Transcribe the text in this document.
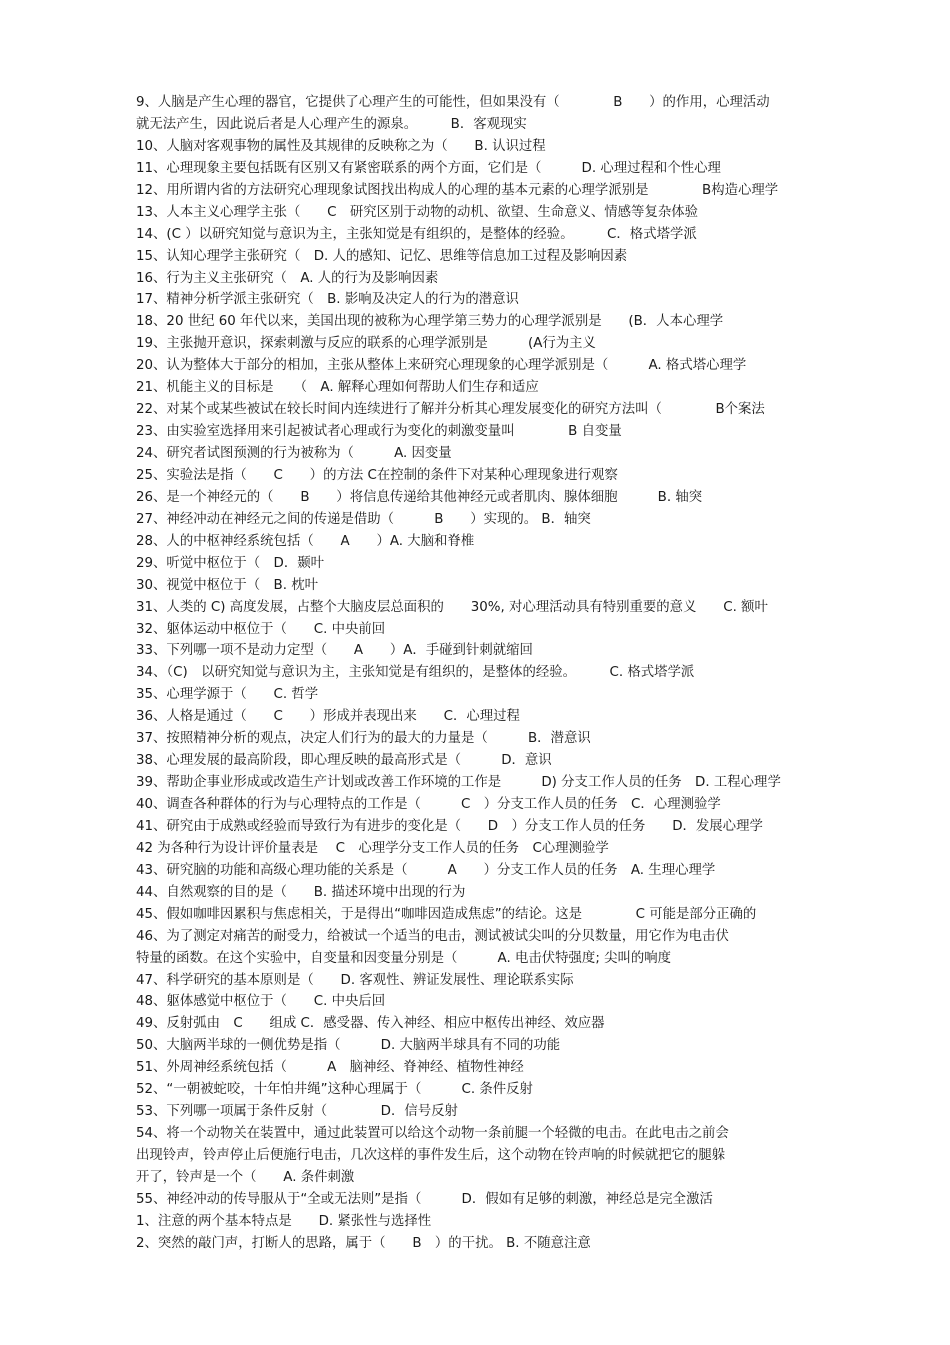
9、人脑是产生心理的器官，它提供了心理产生的可能性，但如果没有（　　　　B　　）的作用，心理活动
就无法产生，因此说后者是人心理产生的源泉。　　　B．客观现实
10、人脑对客观事物的属性及其规律的反映称之为（　　B. 认识过程
11、心理现象主要包括既有区别又有紧密联系的两个方面，它们是（　　　D. 心理过程和个性心理
12、用所谓内省的方法研究心理现象试图找出构成人的心理的基本元素的心理学派别是　　　　B构造心理学
13、人本主义心理学主张（　　C　研究区别于动物的动机、欲望、生命意义、情感等复杂体验
14、(C ）以研究知觉与意识为主，主张知觉是有组织的，是整体的经验。　　　C．格式塔学派
15、认知心理学主张研究（　D. 人的感知、记忆、思维等信息加工过程及影响因素
16、行为主义主张研究（　A. 人的行为及影响因素
17、精神分析学派主张研究（　B. 影响及决定人的行为的潜意识
18、20 世纪 60 年代以来，美国出现的被称为心理学第三势力的心理学派别是　　(B．人本心理学
19、主张抛开意识，探索刺激与反应的联系的心理学派别是　　　(A行为主义
20、认为整体大于部分的相加，主张从整体上来研究心理现象的心理学派别是（　　　A. 格式塔心理学
21、机能主义的目标是　　（　A. 解释心理如何帮助人们生存和适应
22、对某个或某些被试在较长时间内连续进行了解并分析其心理发展变化的研究方法叫（　　　　B个案法
23、由实验室选择用来引起被试者心理或行为变化的刺激变量叫　　　　B 自变量
24、研究者试图预测的行为被称为（　　　A. 因变量
25、实验法是指（　　C　　）的方法 C在控制的条件下对某种心理现象进行观察
26、是一个神经元的（　　B　　）将信息传递给其他神经元或者肌肉、腺体细胞　　　B. 轴突
27、神经冲动在神经元之间的传递是借助（　　　B　　）实现的。 B．轴突
28、人的中枢神经系统包括（　　A　　）A. 大脑和脊椎
29、听觉中枢位于（　D．颞叶
30、视觉中枢位于（　B. 枕叶
31、人类的 C) 高度发展，占整个大脑皮层总面积的　　30%, 对心理活动具有特别重要的意义　　C. 额叶
32、躯体运动中枢位于（　　C. 中央前回
33、下列哪一项不是动力定型（　　A　　）A．手碰到针刺就缩回
34、（C)　以研究知觉与意识为主，主张知觉是有组织的，是整体的经验。　　　C. 格式塔学派
35、心理学源于（　　C. 哲学
36、人格是通过（　　C　　）形成并表现出来　　C．心理过程
37、按照精神分析的观点，决定人们行为的最大的力量是（　　　B．潜意识
38、心理发展的最高阶段，即心理反映的最高形式是（　　　D．意识
39、帮助企事业形成或改造生产计划或改善工作环境的工作是　　　D) 分支工作人员的任务　D. 工程心理学
40、调查各种群体的行为与心理特点的工作是（　　　C　）分支工作人员的任务　C．心理测验学
41、研究由于成熟或经验而导致行为有进步的变化是（　　D　）分支工作人员的任务　　D．发展心理学
42 为各种行为设计评价量表是　 C　心理学分支工作人员的任务　C心理测验学
43、研究脑的功能和高级心理功能的关系是（　　　A　　）分支工作人员的任务　A. 生理心理学
44、自然观察的目的是（　　B. 描述环境中出现的行为
45、假如咖啡因累积与焦虑相关，于是得出“咖啡因造成焦虑”的结论。这是　　　　C 可能是部分正确的
46、为了测定对痛苦的耐受力，给被试一个适当的电击，测试被试尖叫的分贝数量，用它作为电击伏
特量的函数。在这个实验中，自变量和因变量分别是（　　　A. 电击伏特强度; 尖叫的响度
47、科学研究的基本原则是（　　D. 客观性、辨证发展性、理论联系实际
48、躯体感觉中枢位于（　　C. 中央后回
49、反射弧由　C　　组成 C．感受器、传入神经、相应中枢传出神经、效应器
50、大脑两半球的一侧优势是指（　　　D. 大脑两半球具有不同的功能
51、外周神经系统包括（　　　A　脑神经、脊神经、植物性神经
52、“一朝被蛇咬，十年怕井绳”这种心理属于（　　　C. 条件反射
53、下列哪一项属于条件反射（　　　　D．信号反射
54、将一个动物关在装置中，通过此装置可以给这个动物一条前腿一个轻微的电击。在此电击之前会
出现铃声，铃声停止后便施行电击，几次这样的事件发生后，这个动物在铃声响的时候就把它的腿躲
开了，铃声是一个（　　A. 条件刺激
55、神经冲动的传导服从于“全或无法则”是指（　　　D．假如有足够的刺激，神经总是完全激活
1、注意的两个基本特点是　　D. 紧张性与选择性
2、突然的敲门声，打断人的思路，属于（　　B　）的干扰。 B. 不随意注意
